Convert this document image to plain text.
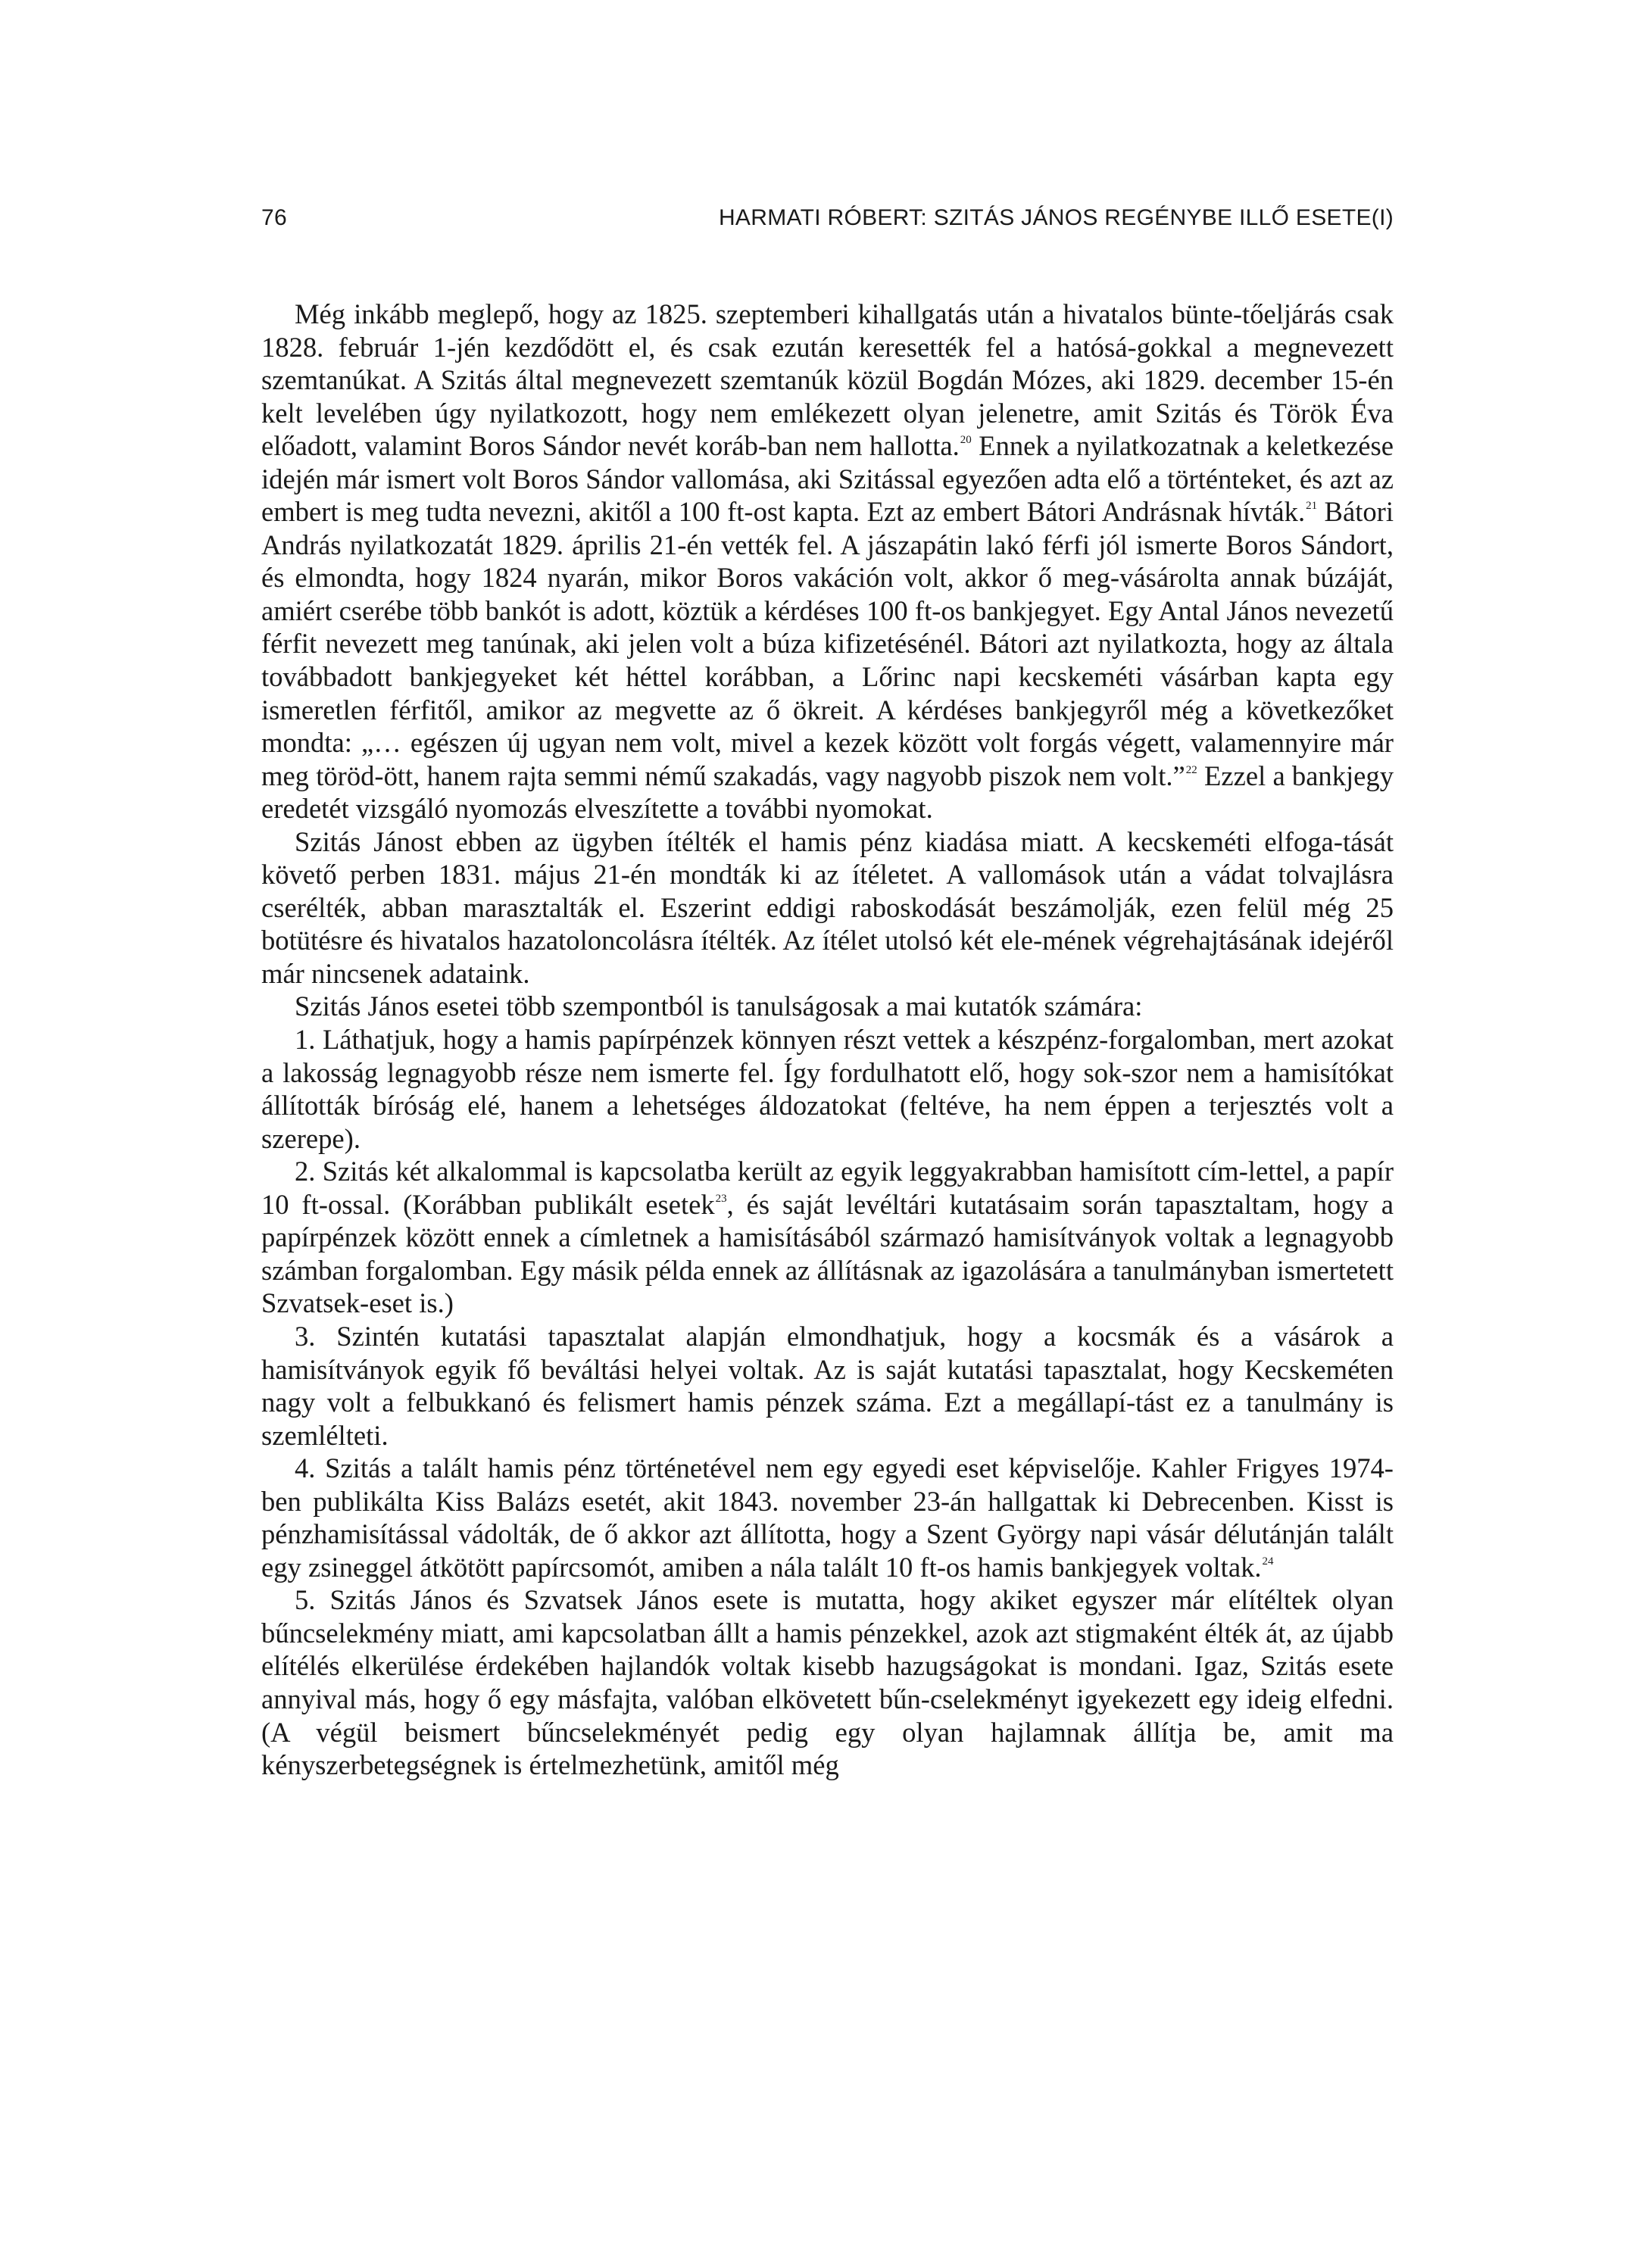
76	HARMATI RÓBERT: SZITÁS JÁNOS REGÉNYBE ILLŐ ESETE(I)

Még inkább meglepő, hogy az 1825. szeptemberi kihallgatás után a hivatalos bünte-tőeljárás csak 1828. február 1-jén kezdődött el, és csak ezután keresették fel a hatósá-gokkal a megnevezett szemtanúkat. A Szitás által megnevezett szemtanúk közül Bogdán Mózes, aki 1829. december 15-én kelt levelében úgy nyilatkozott, hogy nem emlékezett olyan jelenetre, amit Szitás és Török Éva előadott, valamint Boros Sándor nevét koráb-ban nem hallotta.$^{20}$ Ennek a nyilatkozatnak a keletkezése idején már ismert volt Boros Sándor vallomása, aki Szitással egyezően adta elő a történteket, és azt az embert is meg tudta nevezni, akitől a 100 ft-ost kapta. Ezt az embert Bátori Andrásnak hívták.$^{21}$ Bátori András nyilatkozatát 1829. április 21-én vették fel. A jászapátin lakó férfi jól ismerte Boros Sándort, és elmondta, hogy 1824 nyarán, mikor Boros vakáción volt, akkor ő meg-vásárolta annak búzáját, amiért cserébe több bankót is adott, köztük a kérdéses 100 ft-os bankjegyet. Egy Antal János nevezetű férfit nevezett meg tanúnak, aki jelen volt a búza kifizetésénél. Bátori azt nyilatkozta, hogy az általa továbbadott bankjegyeket két héttel korábban, a Lőrinc napi kecskeméti vásárban kapta egy ismeretlen férfitől, amikor az megvette az ő ökreit. A kérdéses bankjegyről még a következőket mondta: „… egészen új ugyan nem volt, mivel a kezek között volt forgás végett, valamennyire már meg töröd-ött, hanem rajta semmi némű szakadás, vagy nagyobb piszok nem volt.”$^{22}$ Ezzel a bankjegy eredetét vizsgáló nyomozás elveszítette a további nyomokat.

Szitás Jánost ebben az ügyben ítélték el hamis pénz kiadása miatt. A kecskeméti elfoga-tását követő perben 1831. május 21-én mondták ki az ítéletet. A vallomások után a vádat tolvajlásra cserélték, abban marasztalták el. Eszerint eddigi raboskodását beszámolják, ezen felül még 25 botütésre és hivatalos hazatoloncolásra ítélték. Az ítélet utolsó két ele-mének végrehajtásának idejéről már nincsenek adataink.

Szitás János esetei több szempontból is tanulságosak a mai kutatók számára:

1. Láthatjuk, hogy a hamis papírpénzek könnyen részt vettek a készpénz-forgalomban, mert azokat a lakosság legnagyobb része nem ismerte fel. Így fordulhatott elő, hogy sok-szor nem a hamisítókat állították bíróság elé, hanem a lehetséges áldozatokat (feltéve, ha nem éppen a terjesztés volt a szerepe).

2. Szitás két alkalommal is kapcsolatba került az egyik leggyakrabban hamisított cím-lettel, a papír 10 ft-ossal. (Korábban publikált esetek$^{23}$, és saját levéltári kutatásaim során tapasztaltam, hogy a papírpénzek között ennek a címletnek a hamisításából származó hamisítványok voltak a legnagyobb számban forgalomban. Egy másik példa ennek az állításnak az igazolására a tanulmányban ismertetett Szvatsek-eset is.)

3. Szintén kutatási tapasztalat alapján elmondhatjuk, hogy a kocsmák és a vásárok a hamisítványok egyik fő beváltási helyei voltak. Az is saját kutatási tapasztalat, hogy Kecskeméten nagy volt a felbukkanó és felismert hamis pénzek száma. Ezt a megállapí-tást ez a tanulmány is szemlélteti.

4. Szitás a talált hamis pénz történetével nem egy egyedi eset képviselője. Kahler Frigyes 1974-ben publikálta Kiss Balázs esetét, akit 1843. november 23-án hallgattak ki Debrecenben. Kisst is pénzhamisítással vádolták, de ő akkor azt állította, hogy a Szent György napi vásár délutánján talált egy zsineggel átkötött papírcsomót, amiben a nála talált 10 ft-os hamis bankjegyek voltak.$^{24}$

5. Szitás János és Szvatsek János esete is mutatta, hogy akiket egyszer már elítéltek olyan bűncselekmény miatt, ami kapcsolatban állt a hamis pénzekkel, azok azt stigmaként élték át, az újabb elítélés elkerülése érdekében hajlandók voltak kisebb hazugságokat is mondani. Igaz, Szitás esete annyival más, hogy ő egy másfajta, valóban elkövetett bűn-cselekményt igyekezett egy ideig elfedni. (A végül beismert bűncselekményét pedig egy olyan hajlamnak állítja be, amit ma kényszerbetegségnek is értelmezhetünk, amitől még
